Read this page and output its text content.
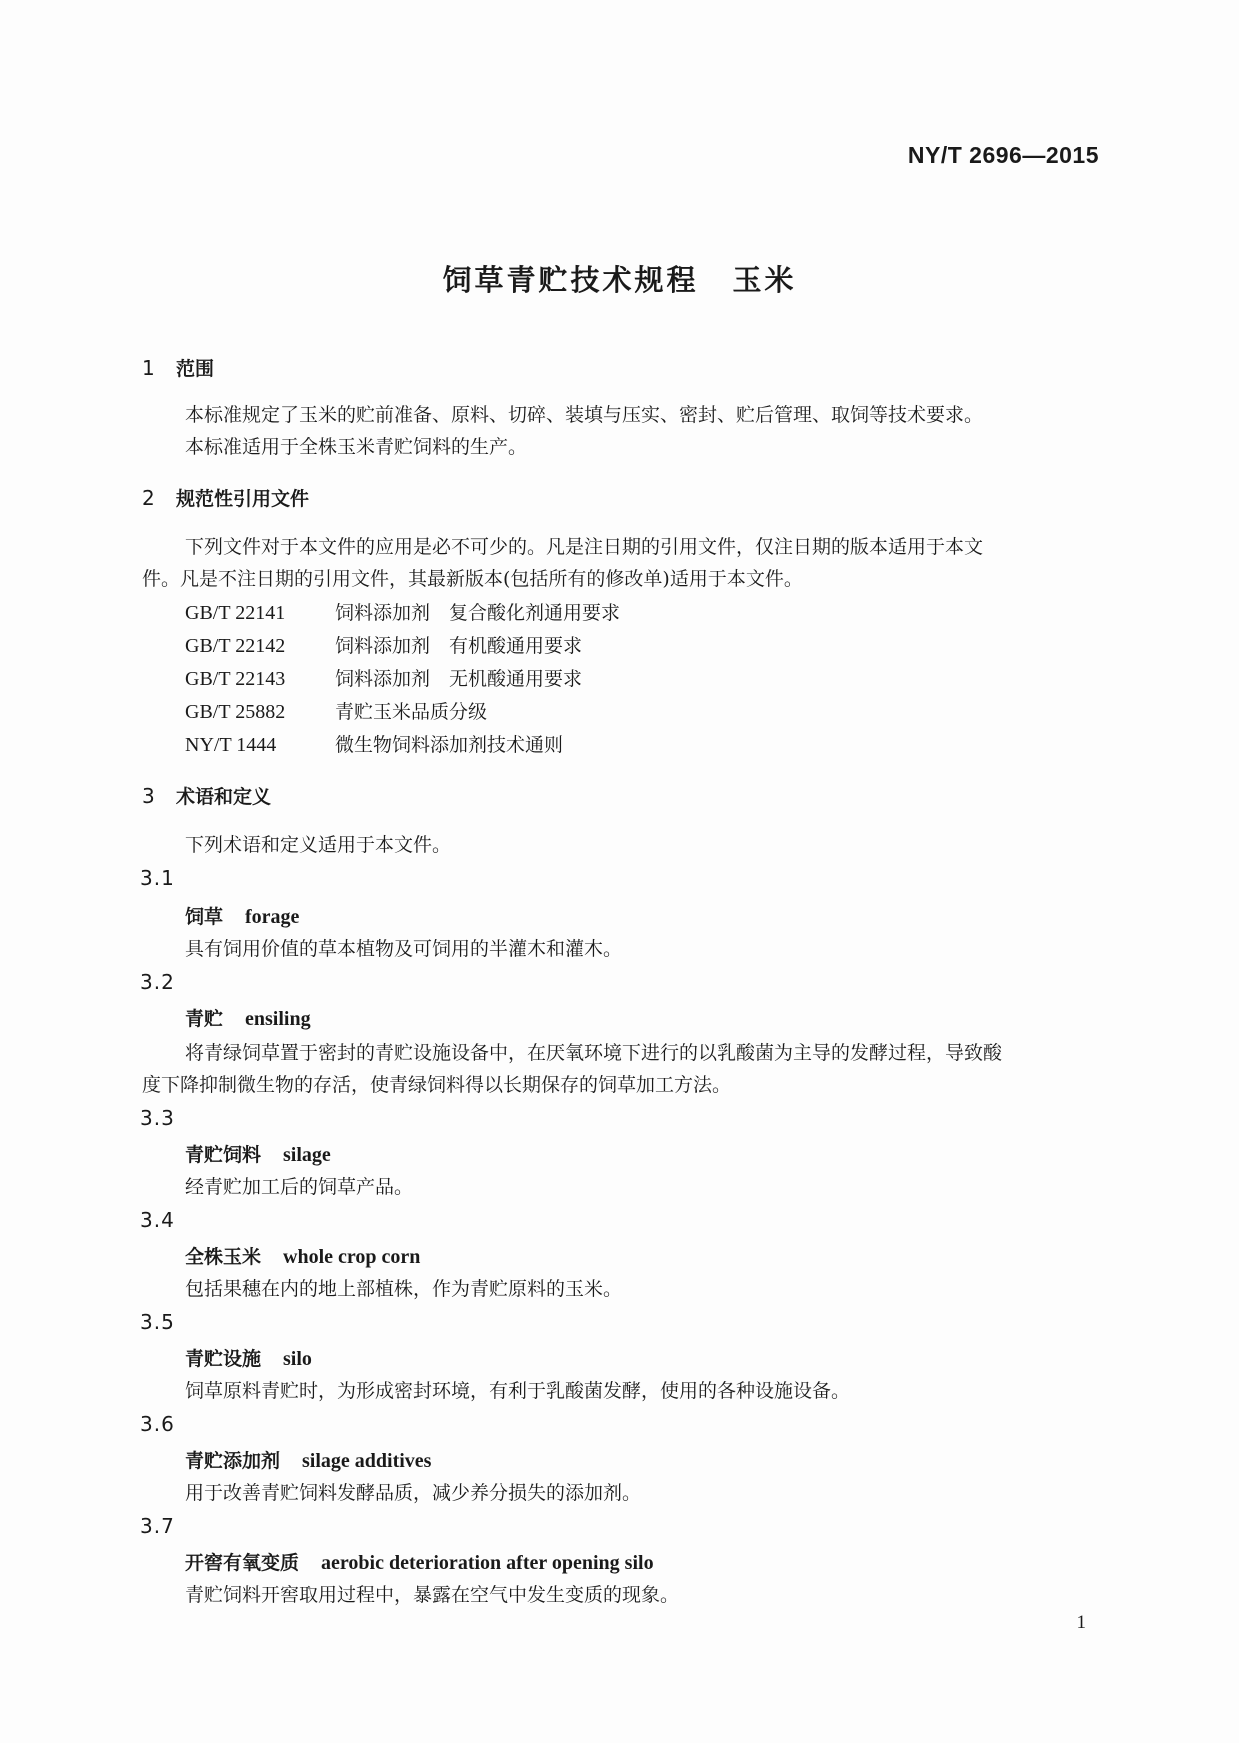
NY/T 2696—2015
饲草青贮技术规程 玉米
1 范围
本标准规定了玉米的贮前准备、原料、切碎、装填与压实、密封、贮后管理、取饲等技术要求。
本标准适用于全株玉米青贮饲料的生产。
2 规范性引用文件
下列文件对于本文件的应用是必不可少的。凡是注日期的引用文件，仅注日期的版本适用于本文
件。凡是不注日期的引用文件，其最新版本(包括所有的修改单)适用于本文件。
GB/T 22141	饲料添加剂　复合酸化剂通用要求
GB/T 22142	饲料添加剂　有机酸通用要求
GB/T 22143	饲料添加剂　无机酸通用要求
GB/T 25882	青贮玉米品质分级
NY/T 1444	微生物饲料添加剂技术通则
3 术语和定义
下列术语和定义适用于本文件。
3.1
饲草 forage
具有饲用价值的草本植物及可饲用的半灌木和灌木。
3.2
青贮 ensiling
将青绿饲草置于密封的青贮设施设备中，在厌氧环境下进行的以乳酸菌为主导的发酵过程，导致酸
度下降抑制微生物的存活，使青绿饲料得以长期保存的饲草加工方法。
3.3
青贮饲料 silage
经青贮加工后的饲草产品。
3.4
全株玉米 whole crop corn
包括果穗在内的地上部植株，作为青贮原料的玉米。
3.5
青贮设施 silo
饲草原料青贮时，为形成密封环境，有利于乳酸菌发酵，使用的各种设施设备。
3.6
青贮添加剂 silage additives
用于改善青贮饲料发酵品质，减少养分损失的添加剂。
3.7
开窖有氧变质 aerobic deterioration after opening silo
青贮饲料开窖取用过程中，暴露在空气中发生变质的现象。
1
